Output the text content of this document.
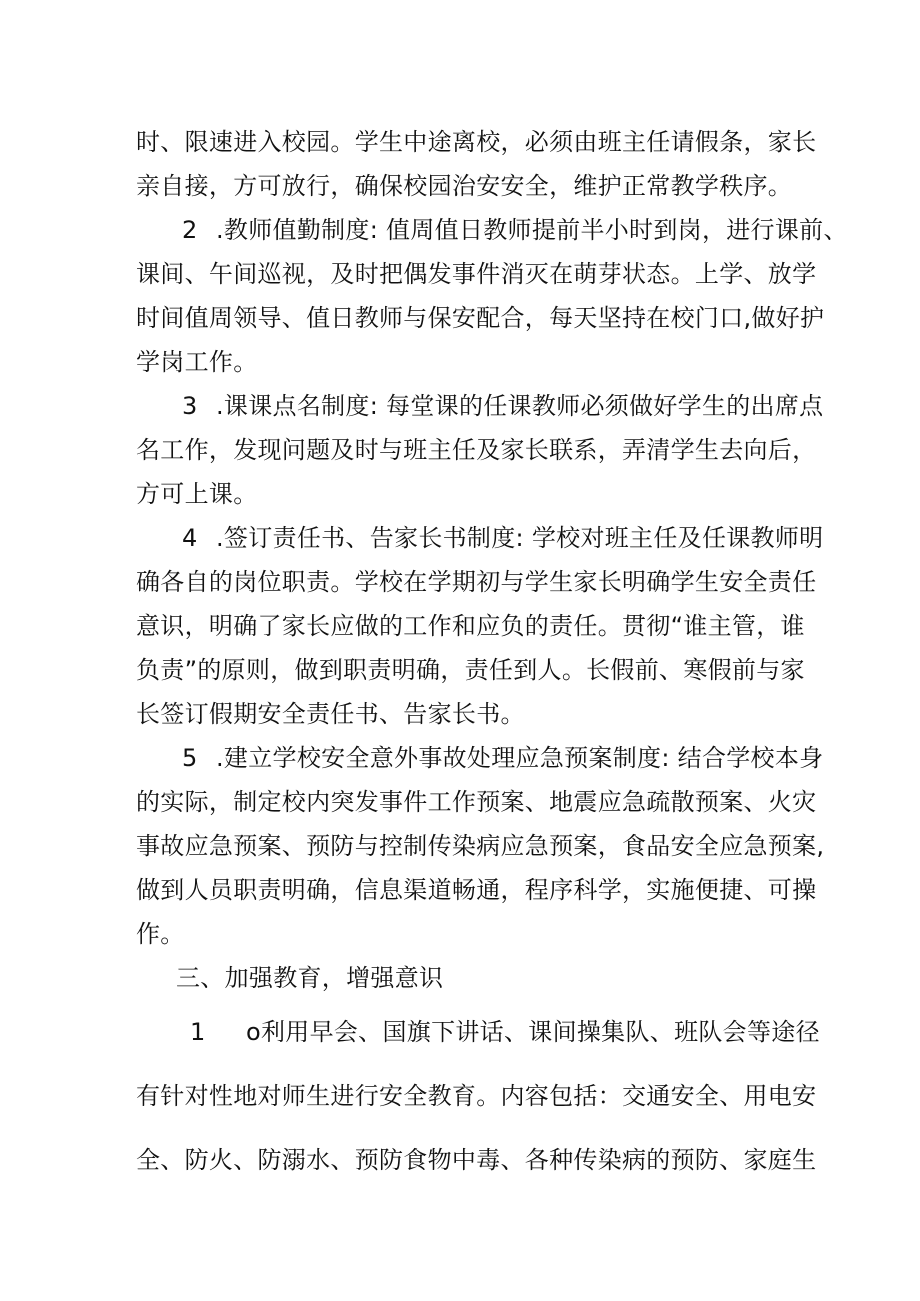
时、限速进入校园。学生中途离校，必须由班主任请假条，家长
亲自接，方可放行，确保校园治安安全，维护正常教学秩序。
2 .教师值勤制度: 值周值日教师提前半小时到岗，进行课前、
课间、午间巡视，及时把偶发事件消灭在萌芽状态。上学、放学
时间值周领导、值日教师与保安配合，每天坚持在校门口,做好护
学岗工作。
3 .课课点名制度: 每堂课的任课教师必须做好学生的出席点
名工作，发现问题及时与班主任及家长联系，弄清学生去向后，
方可上课。
4 .签订责任书、告家长书制度: 学校对班主任及任课教师明
确各自的岗位职责。学校在学期初与学生家长明确学生安全责任
意识，明确了家长应做的工作和应负的责任。贯彻“谁主管，谁
负责”的原则，做到职责明确，责任到人。长假前、寒假前与家
长签订假期安全责任书、告家长书。
5 .建立学校安全意外事故处理应急预案制度: 结合学校本身
的实际，制定校内突发事件工作预案、地震应急疏散预案、火灾
事故应急预案、预防与控制传染病应急预案，食品安全应急预案,
做到人员职责明确，信息渠道畅通，程序科学，实施便捷、可操
作。
三、加强教育，增强意识
1 o利用早会、国旗下讲话、课间操集队、班队会等途径
有针对性地对师生进行安全教育。内容包括：交通安全、用电安
全、防火、防溺水、预防食物中毒、各种传染病的预防、家庭生
